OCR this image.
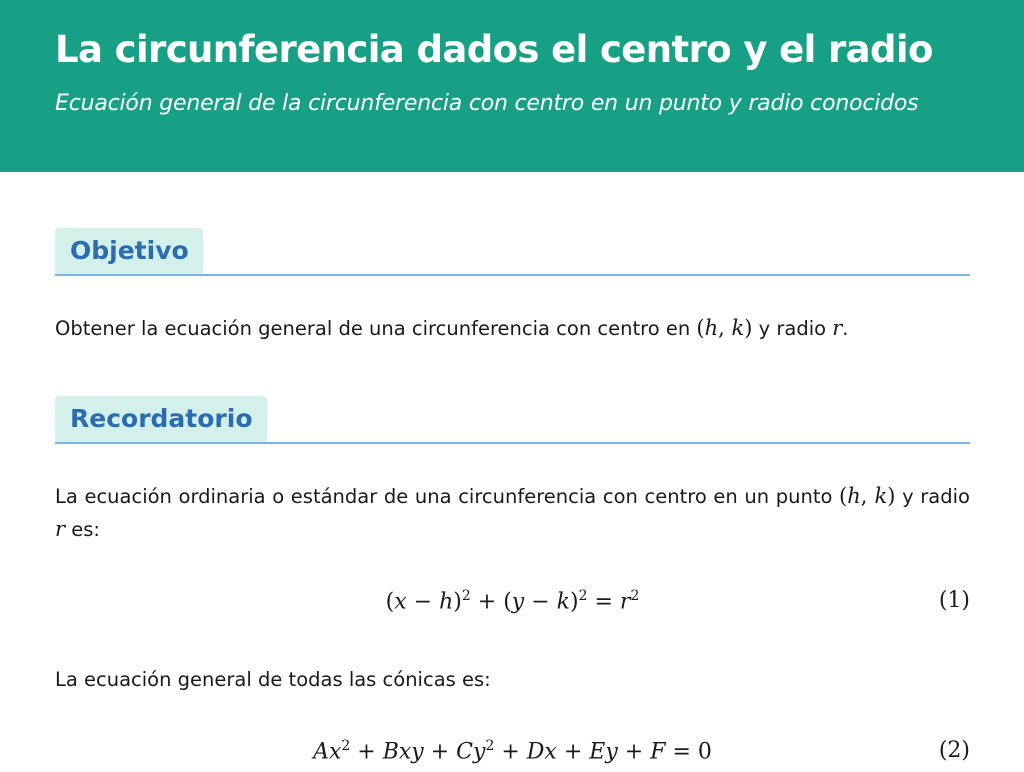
La circunferencia dados el centro y el radio

Ecuación general de la circunferencia con centro en un punto y radio conocidos

Objetivo

Obtener la ecuación general de una circunferencia con centro en (h, k) y radio r.

Recordatorio

La ecuación ordinaria o estándar de una circunferencia con centro en un punto (h, k) y radio r es:

$(x - h)^2 + (y - k)^2 = r^2$	(1)

La ecuación general de todas las cónicas es:

$Ax^2$ + Bxy + $Cy^2 + Dx + Ey + F = 0$	(2)
